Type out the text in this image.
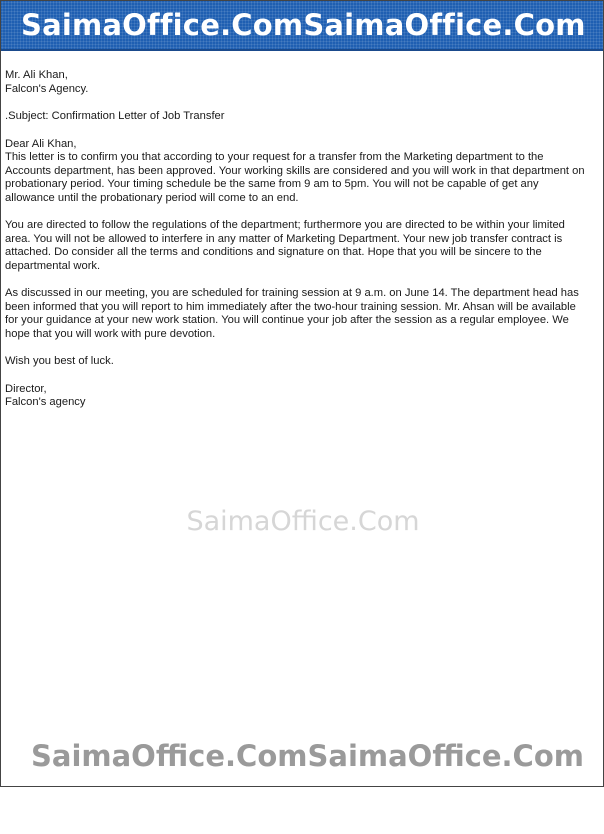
SaimaOffice.Com SaimaOffice.Com

Mr. Ali Khan,

Falcon's Agency.

.Subject: Confirmation Letter of Job Transfer

Dear Ali Khan,

This letter is to confirm you that according to your request for a transfer from the Marketing department to the Accounts department, has been approved. Your working skills are considered and you will work in that department on probationary period. Your timing schedule be the same from 9 am to 5pm. You will not be capable of get any allowance until the probationary period will come to an end.

You are directed to follow the regulations of the department; furthermore you are directed to be within your limited area. You will not be allowed to interfere in any matter of Marketing Department. Your new job transfer contract is attached. Do consider all the terms and conditions and signature on that. Hope that you will be sincere to the departmental work.

As discussed in our meeting, you are scheduled for training session at 9 a.m. on June 14. The department head has been informed that you will report to him immediately after the two-hour training session. Mr. Ahsan will be available for your guidance at your new work station. You will continue your job after the session as a regular employee. We hope that you will work with pure devotion.

Wish you best of luck.

Director,

Falcon's agency

SaimaOffice.Com
SaimaOffice.Com SaimaOffice.Com
